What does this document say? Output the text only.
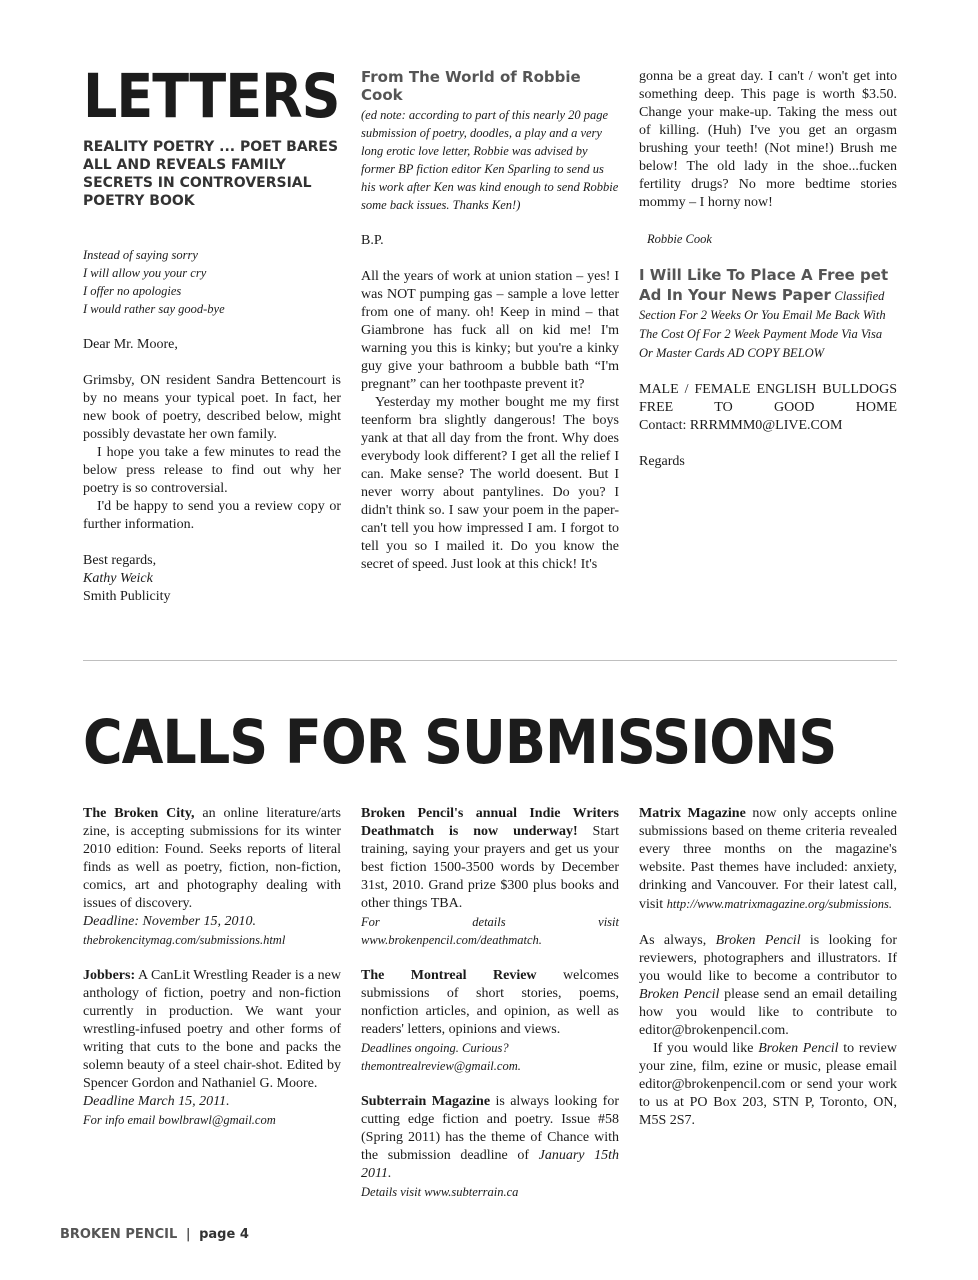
LETTERS
REALITY POETRY ... POET BARES ALL AND REVEALS FAMILY SECRETS IN CONTROVERSIAL POETRY BOOK
Instead of saying sorry
I will allow you your cry
I offer no apologies
I would rather say good-bye
Dear Mr. Moore,
Grimsby, ON resident Sandra Bettencourt is by no means your typical poet. In fact, her new book of poetry, described below, might possibly devastate her own family.
I hope you take a few minutes to read the below press release to find out why her poetry is so controversial.
I'd be happy to send you a review copy or further information.
Best regards,
Kathy Weick
Smith Publicity
From The World of Robbie Cook
(ed note: according to part of this nearly 20 page submission of poetry, doodles, a play and a very long erotic love letter, Robbie was advised by former BP fiction editor Ken Sparling to send us his work after Ken was kind enough to send Robbie some back issues. Thanks Ken!)
B.P.
All the years of work at union station – yes! I was NOT pumping gas – sample a love letter from one of many. oh! Keep in mind – that Giambrone has fuck all on kid me! I'm warning you this is kinky; but you're a kinky guy give your bathroom a bubble bath “I'm pregnant” can her toothpaste prevent it?
Yesterday my mother bought me my first teenform bra slightly dangerous! The boys yank at that all day from the front. Why does everybody look different? I get all the relief I can. Make sense? The world doesent. But I never worry about pantylines. Do you? I didn't think so. I saw your poem in the paper- can't tell you how impressed I am. I forgot to tell you so I mailed it. Do you know the secret of speed. Just look at this chick! It's
gonna be a great day. I can't / won't get into something deep. This page is worth $3.50. Change your make-up. Taking the mess out of killing. (Huh) I've you get an orgasm brushing your teeth! (Not mine!) Brush me below! The old lady in the shoe...fucken fertility drugs? No more bedtime stories mommy – I horny now!
Robbie Cook
I Will Like To Place A Free pet Ad In Your News Paper Classified Section For 2 Weeks Or You Email Me Back With The Cost Of For 2 Week Payment Mode Via Visa Or Master Cards AD COPY BELOW
MALE / FEMALE ENGLISH BULLDOGS FREE TO GOOD HOME
Contact: RRRMMM0@LIVE.COM
Regards
CALLS FOR SUBMISSIONS
The Broken City, an online literature/arts zine, is accepting submissions for its winter 2010 edition: Found. Seeks reports of literal finds as well as poetry, fiction, non-fiction, comics, art and photography dealing with issues of discovery.
Deadline: November 15, 2010.
thebrokencitymag.com/submissions.html
Jobbers: A CanLit Wrestling Reader is a new anthology of fiction, poetry and non-fiction currently in production. We want your wrestling-infused poetry and other forms of writing that cuts to the bone and packs the solemn beauty of a steel chair-shot. Edited by Spencer Gordon and Nathaniel G. Moore.
Deadline March 15, 2011.
For info email bowlbrawl@gmail.com
Broken Pencil's annual Indie Writers Deathmatch is now underway! Start training, saying your prayers and get us your best fiction 1500-3500 words by December 31st, 2010. Grand prize $300 plus books and other things TBA.
For details visit www.brokenpencil.com/deathmatch.
The Montreal Review welcomes submissions of short stories, poems, nonfiction articles, and opinion, as well as readers' letters, opinions and views.
Deadlines ongoing. Curious?
themontrealreview@gmail.com.
Subterrain Magazine is always looking for cutting edge fiction and poetry. Issue #58 (Spring 2011) has the theme of Chance with the submission deadline of January 15th 2011.
Details visit www.subterrain.ca
Matrix Magazine now only accepts online submissions based on theme criteria revealed every three months on the magazine's website. Past themes have included: anxiety, drinking and Vancouver. For their latest call, visit http://www.matrixmagazine.org/submissions.
As always, Broken Pencil is looking for reviewers, photographers and illustrators. If you would like to become a contributor to Broken Pencil please send an email detailing how you would like to contribute to editor@brokenpencil.com.
If you would like Broken Pencil to review your zine, film, ezine or music, please email editor@brokenpencil.com or send your work to us at PO Box 203, STN P, Toronto, ON, M5S 2S7.
BROKEN PENCIL | page 4
